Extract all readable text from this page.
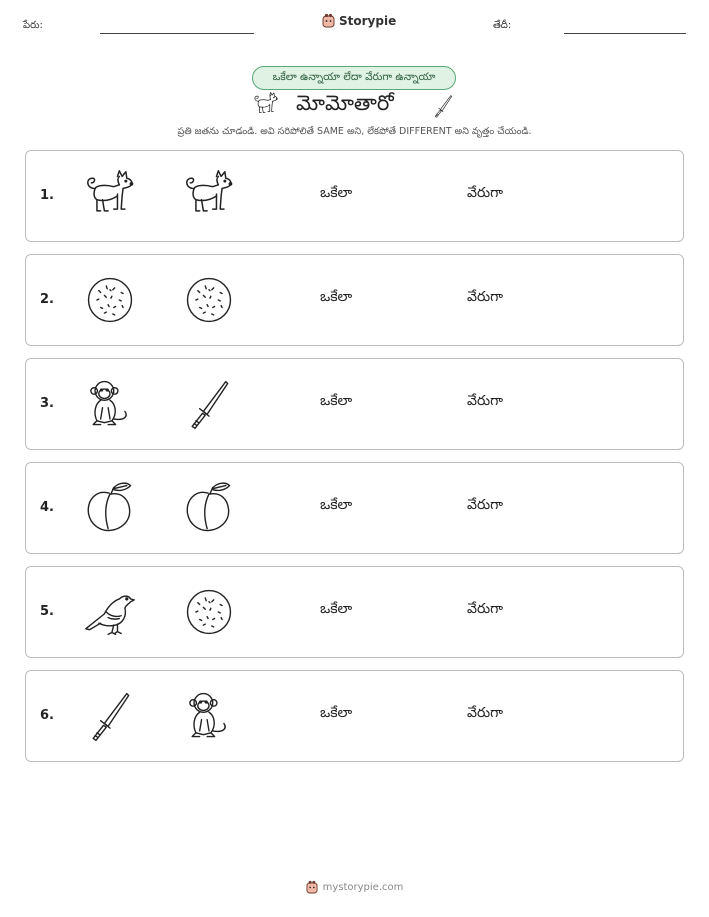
పేరు:	Storypie	తేదీ:
ఒకేలా ఉన్నాయా లేదా వేరుగా ఉన్నాయా
మోమోతారో
ప్రతి జతను చూడండి. అవి సరిపోలితే SAME అని, లేకపోతే DIFFERENT అని వృత్తం చేయండి.
1.	ఒకేలా	వేరుగా
2.	ఒకేలా	వేరుగా
3.	ఒకేలా	వేరుగా
4.	ఒకేలా	వేరుగా
5.	ఒకేలా	వేరుగా
6.	ఒకేలా	వేరుగా
mystorypie.com
